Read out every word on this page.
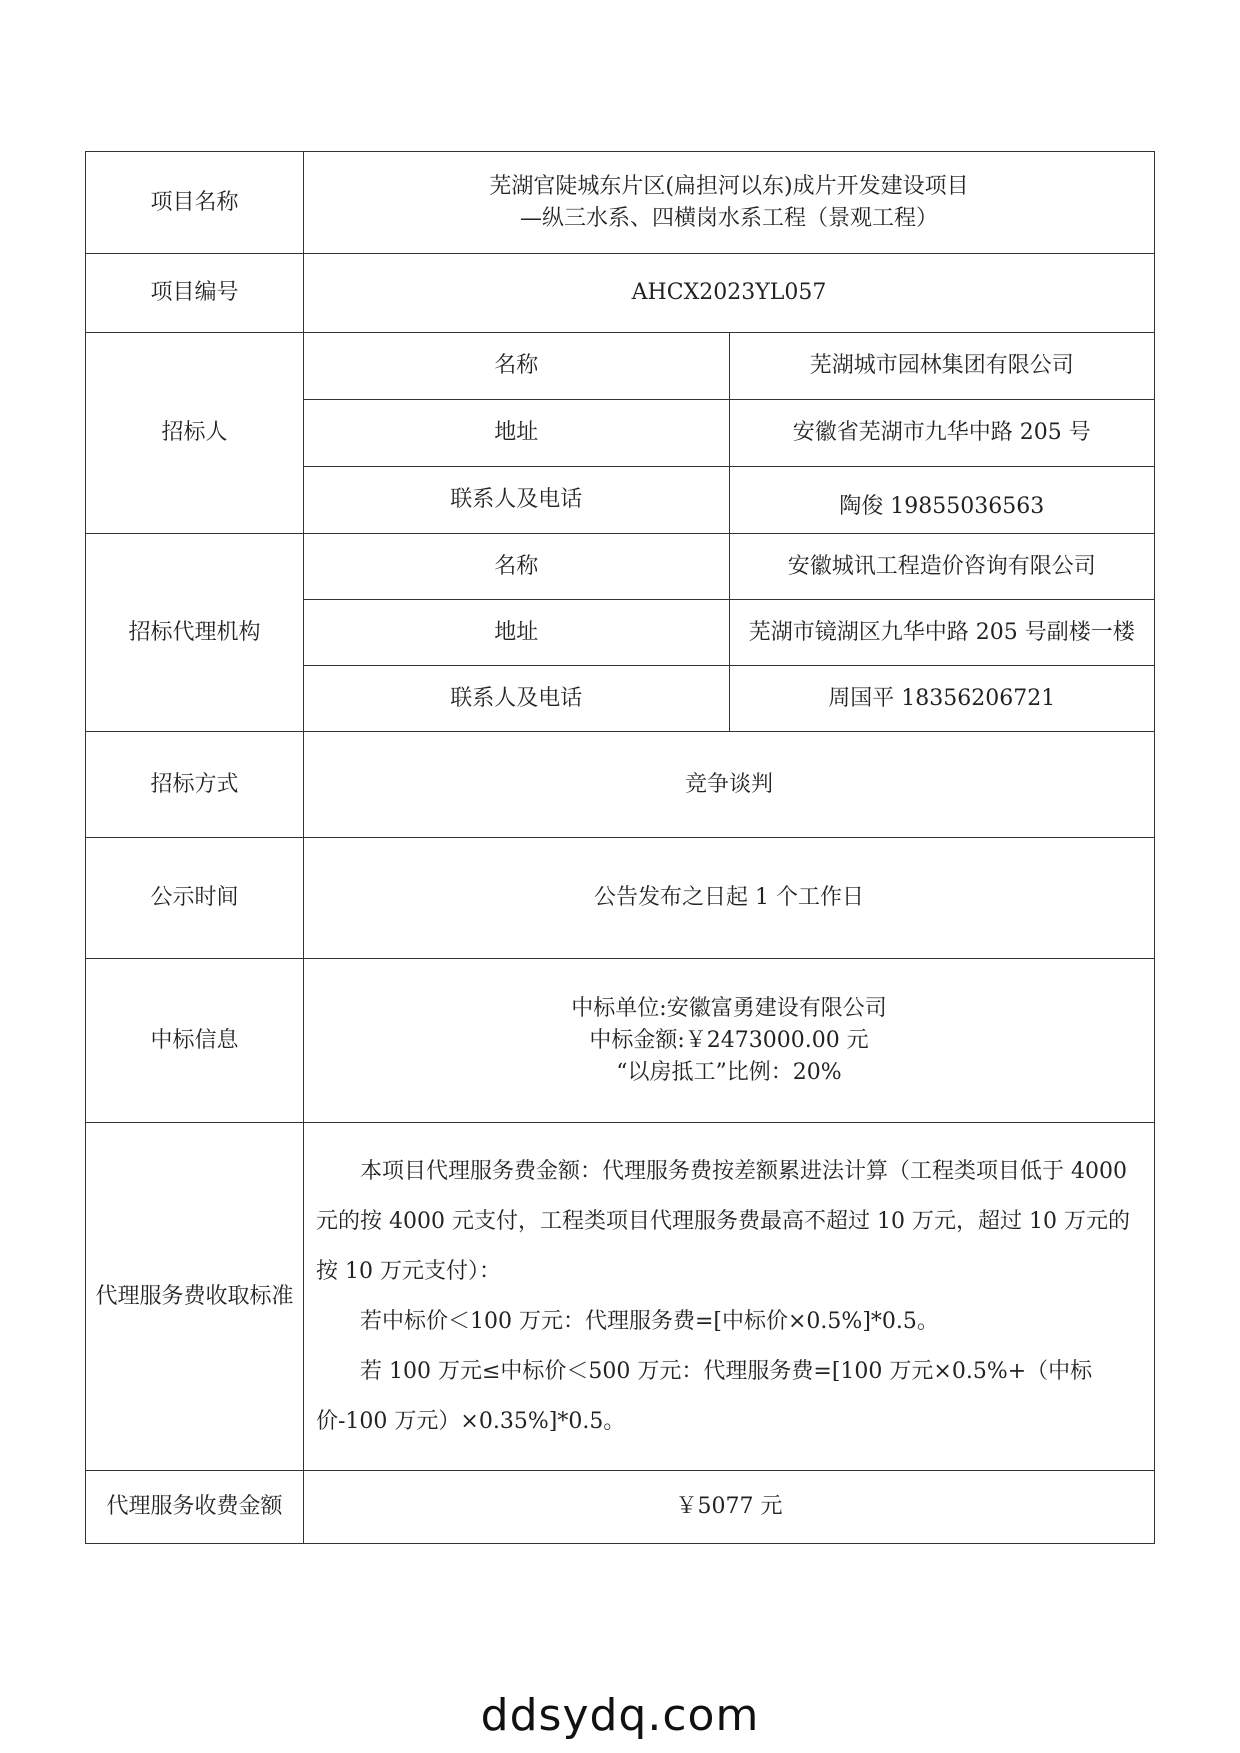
项目名称	芜湖官陡城东片区(扁担河以东)成片开发建设项目
—纵三水系、四横岗水系工程（景观工程）	

项目编号	AHCX2023YL057	
招标人	名称	芜湖城市园林集团有限公司
	地址	安徽省芜湖市九华中路 205 号
	联系人及电话	陶俊 19855036563
招标代理机构	名称	安徽城讯工程造价咨询有限公司
	地址	芜湖市镜湖区九华中路 205 号副楼一楼
	联系人及电话	周国平 18356206721
招标方式	竞争谈判	
公示时间	公告发布之日起 1 个工作日	
中标信息	中标单位:安徽富勇建设有限公司
中标金额:￥2473000.00 元
“以房抵工”比例：20%	

代理服务费收取标准	本项目代理服务费金额：代理服务费按差额累进法计算（工程类项目低于 4000 元的按 4000 元支付，工程类项目代理服务费最高不超过 10 万元，超过 10 万元的按 10 万元支付）：

若中标价＜100 万元：代理服务费=[中标价×0.5%]*0.5。

若 100 万元≤中标价＜500 万元：代理服务费=[100 万元×0.5%+（中标价-100 万元）×0.35%]*0.5。	

代理服务收费金额	￥5077 元	
ddsydq.com
